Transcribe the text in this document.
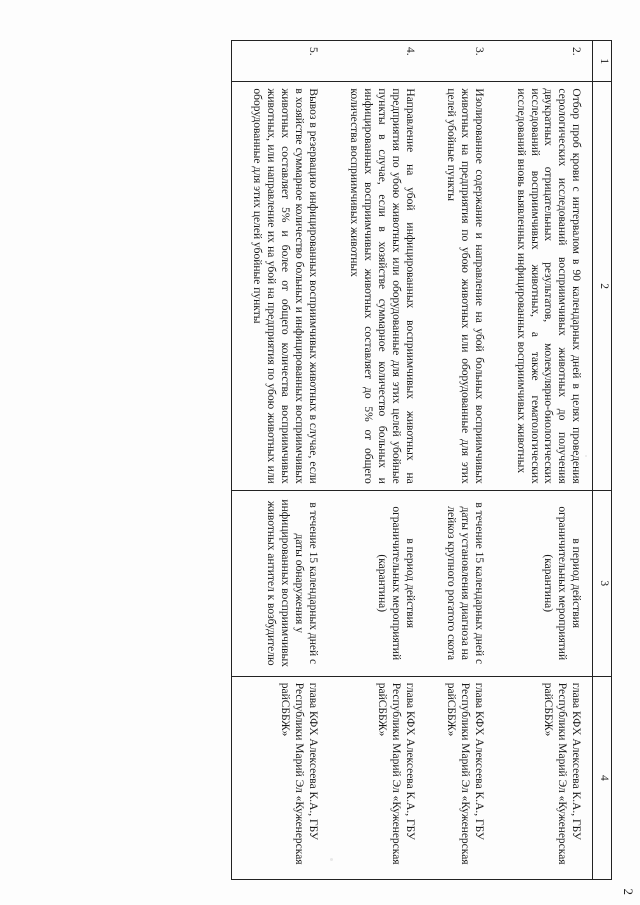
2
1	2	3	4
2.	Отбор проб крови с интервалом в 90 календарных дней в целях проведения серологических исследований восприимчивых животных до получения двукратных отрицательных результатов, молекулярно-биологических исследований восприимчивых животных, а также гематологических исследований вновь выявленных инфицированных восприимчивых животных	в период действия ограничительных мероприятий (карантина)	глава КФХ Алексеева К.А., ГБУ Республики Марий Эл «Куженерская райСББЖ»
3.	Изолированное содержание и направление на убой больных восприимчивых животных на предприятия по убою животных или оборудованные для этих целей убойные пункты	в течение 15 календарных дней с даты установления диагноза на лейкоз крупного рогатого скота	глава КФХ Алексеева К.А., ГБУ Республики Марий Эл «Куженерская райСББЖ»
4.	Направление на убой инфицированных восприимчивых животных на предприятия по убою животных или оборудованные для этих целей убойные пункты в случае, если в хозяйстве суммарное количество больных и инфицированных восприимчивых животных составляет до 5% от общего количества восприимчивых животных	в период действия ограничительных мероприятий (карантина)	глава КФХ Алексеева К.А., ГБУ Республики Марий Эл «Куженерская райСББЖ»
5.	Вывоз в резервацию инфицированных восприимчивых животных в случае, если в хозяйстве суммарное количество больных и инфицированных восприимчивых животных составляет 5% и более от общего количества восприимчивых животных, или направление их на убой на предприятия по убою животных или оборудованные для этих целей убойные пункты	в течение 15 календарных дней с даты обнаружения у инфицированных восприимчивых животных антител к возбудителю	глава КФХ Алексеева К.А., ГБУ Республики Марий Эл «Куженерская райСББЖ»
